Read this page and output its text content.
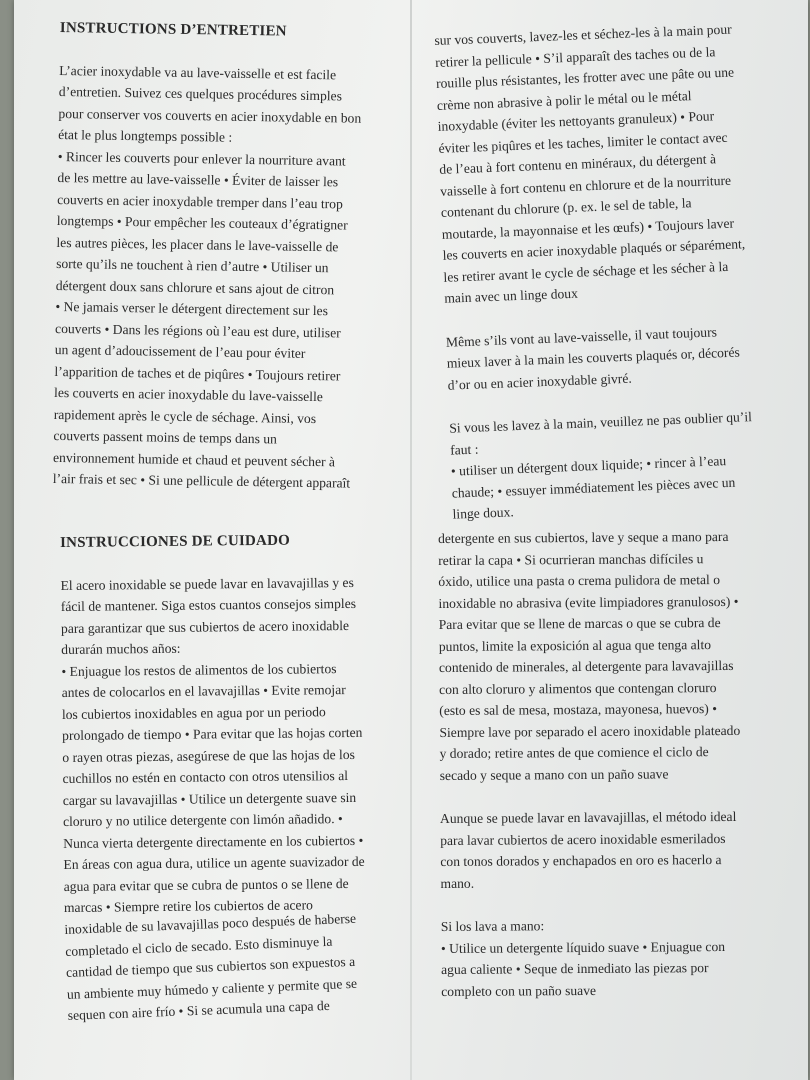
INSTRUCTIONS D’ENTRETIEN

L’acier inoxydable va au lave-vaisselle et est facile
d’entretien. Suivez ces quelques procédures simples
pour conserver vos couverts en acier inoxydable en bon
état le plus longtemps possible :
• Rincer les couverts pour enlever la nourriture avant
de les mettre au lave-vaisselle • Éviter de laisser les
couverts en acier inoxydable tremper dans l’eau trop
longtemps • Pour empêcher les couteaux d’égratigner
les autres pièces, les placer dans le lave-vaisselle de
sorte qu’ils ne touchent à rien d’autre • Utiliser un
détergent doux sans chlorure et sans ajout de citron
• Ne jamais verser le détergent directement sur les
couverts • Dans les régions où l’eau est dure, utiliser
un agent d’adoucissement de l’eau pour éviter
l’apparition de taches et de piqûres • Toujours retirer
les couverts en acier inoxydable du lave-vaisselle
rapidement après le cycle de séchage. Ainsi, vos
couverts passent moins de temps dans un
environnement humide et chaud et peuvent sécher à
l’air frais et sec • Si une pellicule de détergent apparaît

sur vos couverts, lavez-les et séchez-les à la main pour
retirer la pellicule • S’il apparaît des taches ou de la
rouille plus résistantes, les frotter avec une pâte ou une
crème non abrasive à polir le métal ou le métal
inoxydable (éviter les nettoyants granuleux) • Pour
éviter les piqûres et les taches, limiter le contact avec
de l’eau à fort contenu en minéraux, du détergent à
vaisselle à fort contenu en chlorure et de la nourriture
contenant du chlorure (p. ex. le sel de table, la
moutarde, la mayonnaise et les œufs) • Toujours laver
les couverts en acier inoxydable plaqués or séparément,
les retirer avant le cycle de séchage et les sécher à la
main avec un linge doux

Même s’ils vont au lave-vaisselle, il vaut toujours
mieux laver à la main les couverts plaqués or, décorés
d’or ou en acier inoxydable givré.

Si vous les lavez à la main, veuillez ne pas oublier qu’il
faut :
• utiliser un détergent doux liquide; • rincer à l’eau
chaude; • essuyer immédiatement les pièces avec un
linge doux.

INSTRUCCIONES DE CUIDADO

El acero inoxidable se puede lavar en lavavajillas y es
fácil de mantener. Siga estos cuantos consejos simples
para garantizar que sus cubiertos de acero inoxidable
durarán muchos años:
• Enjuague los restos de alimentos de los cubiertos
antes de colocarlos en el lavavajillas • Evite remojar
los cubiertos inoxidables en agua por un periodo
prolongado de tiempo • Para evitar que las hojas corten
o rayen otras piezas, asegúrese de que las hojas de los
cuchillos no estén en contacto con otros utensilios al
cargar su lavavajillas • Utilice un detergente suave sin
cloruro y no utilice detergente con limón añadido. •
Nunca vierta detergente directamente en los cubiertos •
En áreas con agua dura, utilice un agente suavizador de
agua para evitar que se cubra de puntos o se llene de
marcas • Siempre retire los cubiertos de acero

inoxidable de su lavavajillas poco después de haberse
completado el ciclo de secado. Esto disminuye la
cantidad de tiempo que sus cubiertos son expuestos a
un ambiente muy húmedo y caliente y permite que se
sequen con aire frío • Si se acumula una capa de

detergente en sus cubiertos, lave y seque a mano para
retirar la capa • Si ocurrieran manchas difíciles u
óxido, utilice una pasta o crema pulidora de metal o
inoxidable no abrasiva (evite limpiadores granulosos) •
Para evitar que se llene de marcas o que se cubra de
puntos, limite la exposición al agua que tenga alto
contenido de minerales, al detergente para lavavajillas
con alto cloruro y alimentos que contengan cloruro
(esto es sal de mesa, mostaza, mayonesa, huevos) •
Siempre lave por separado el acero inoxidable plateado
y dorado; retire antes de que comience el ciclo de
secado y seque a mano con un paño suave

Aunque se puede lavar en lavavajillas, el método ideal
para lavar cubiertos de acero inoxidable esmerilados
con tonos dorados y enchapados en oro es hacerlo a
mano.

Si los lava a mano:
• Utilice un detergente líquido suave • Enjuague con
agua caliente • Seque de inmediato las piezas por
completo con un paño suave
